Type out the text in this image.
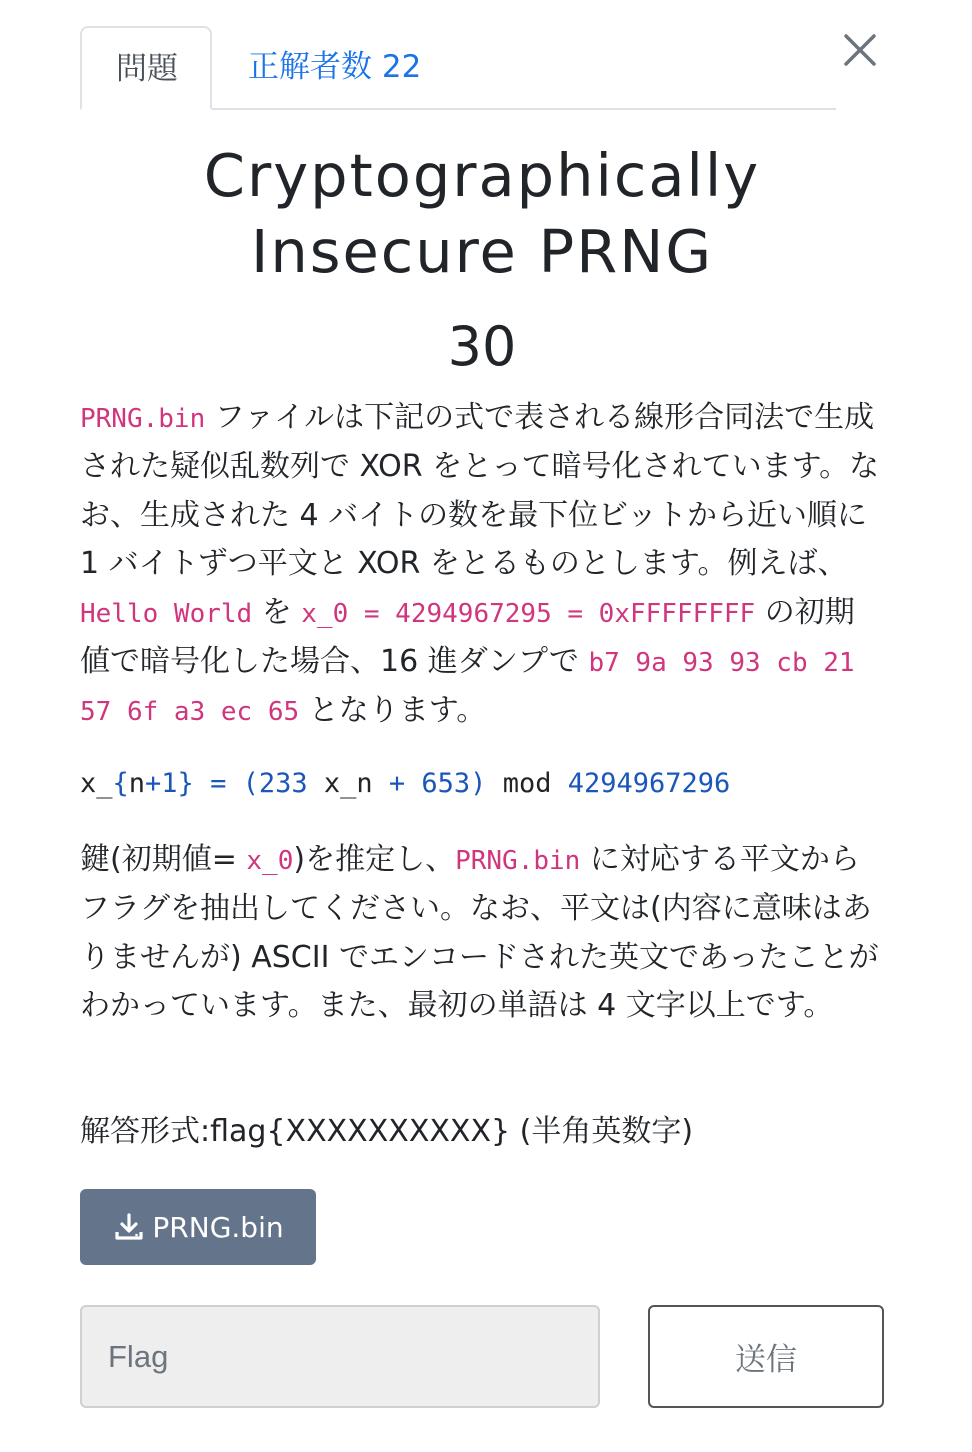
問題	正解者数 22
Cryptographically Insecure PRNG
30

PRNG.bin ファイルは下記の式で表される線形合同法で生成された疑似乱数列で XOR をとって暗号化されています。なお、生成された 4 バイトの数を最下位ビットから近い順に 1 バイトずつ平文と XOR をとるものとします。例えば、Hello World を x_0 = 4294967295 = 0xFFFFFFFF の初期値で暗号化した場合、16 進ダンプで b7 9a 93 93 cb 21 57 6f a3 ec 65 となります。

x_{n+1} = (233 x_n + 653) mod 4294967296

鍵(初期値= x_0)を推定し、PRNG.bin に対応する平文からフラグを抽出してください。なお、平文は(内容に意味はありませんが) ASCII でエンコードされた英文であったことがわかっています。また、最初の単語は 4 文字以上です。

解答形式:flag{XXXXXXXXXX} (半角英数字)

PRNG.bin
Flag
送信
